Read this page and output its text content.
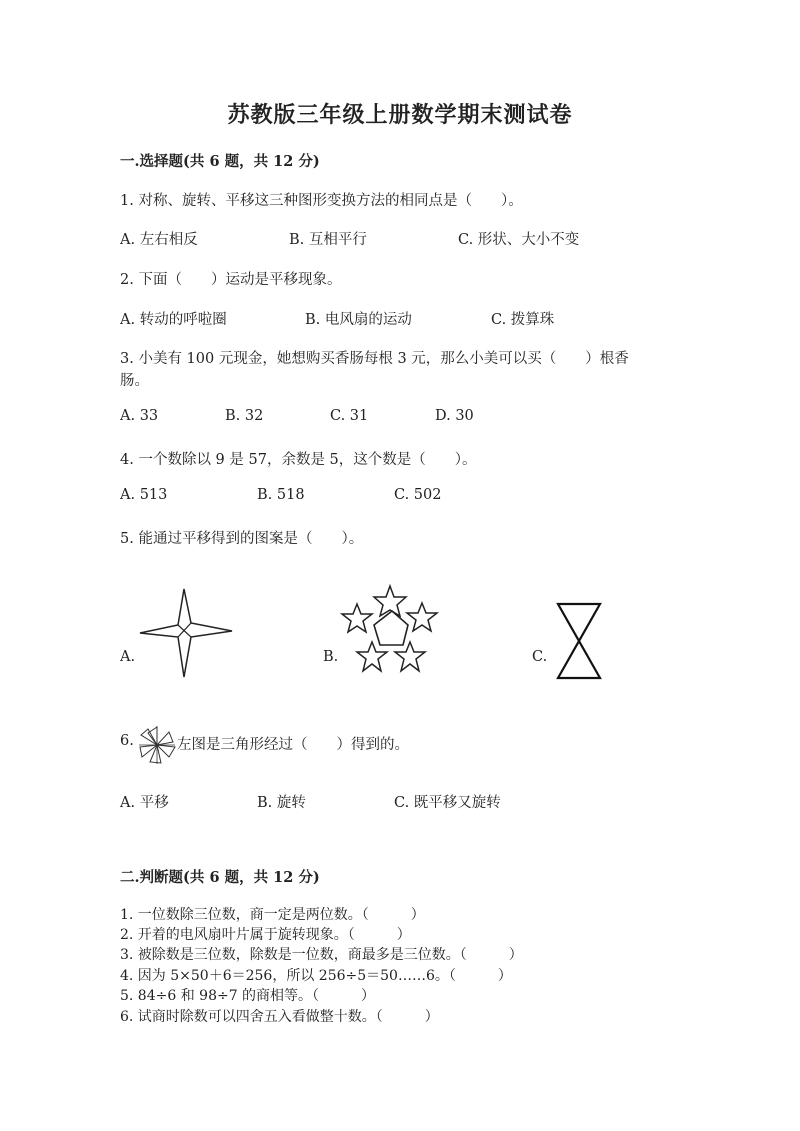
苏教版三年级上册数学期末测试卷
一.选择题(共 6 题，共 12 分)
1. 对称、旋转、平移这三种图形变换方法的相同点是（　　）。
A. 左右相反	B. 互相平行	C. 形状、大小不变
2. 下面（　　）运动是平移现象。
A. 转动的呼啦圈	B. 电风扇的运动	C. 拨算珠
3. 小美有 100 元现金，她想购买香肠每根 3 元，那么小美可以买（　　）根香
肠。
A. 33	B. 32	C. 31	D. 30
4. 一个数除以 9 是 57，余数是 5，这个数是（　　）。
A. 513	B. 518	C. 502
5. 能通过平移得到的图案是（　　）。
A.	B.	C.
6.	左图是三角形经过（　　）得到的。
A. 平移	B. 旋转	C. 既平移又旋转
二.判断题(共 6 题，共 12 分)
1. 一位数除三位数，商一定是两位数。（　　　）
2. 开着的电风扇叶片属于旋转现象。（　　　）
3. 被除数是三位数，除数是一位数，商最多是三位数。（　　　）
4. 因为 5×50＋6＝256，所以 256÷5＝50……6。（　　　）
5. 84÷6 和 98÷7 的商相等。（　　　）
6. 试商时除数可以四舍五入看做整十数。（　　　）
